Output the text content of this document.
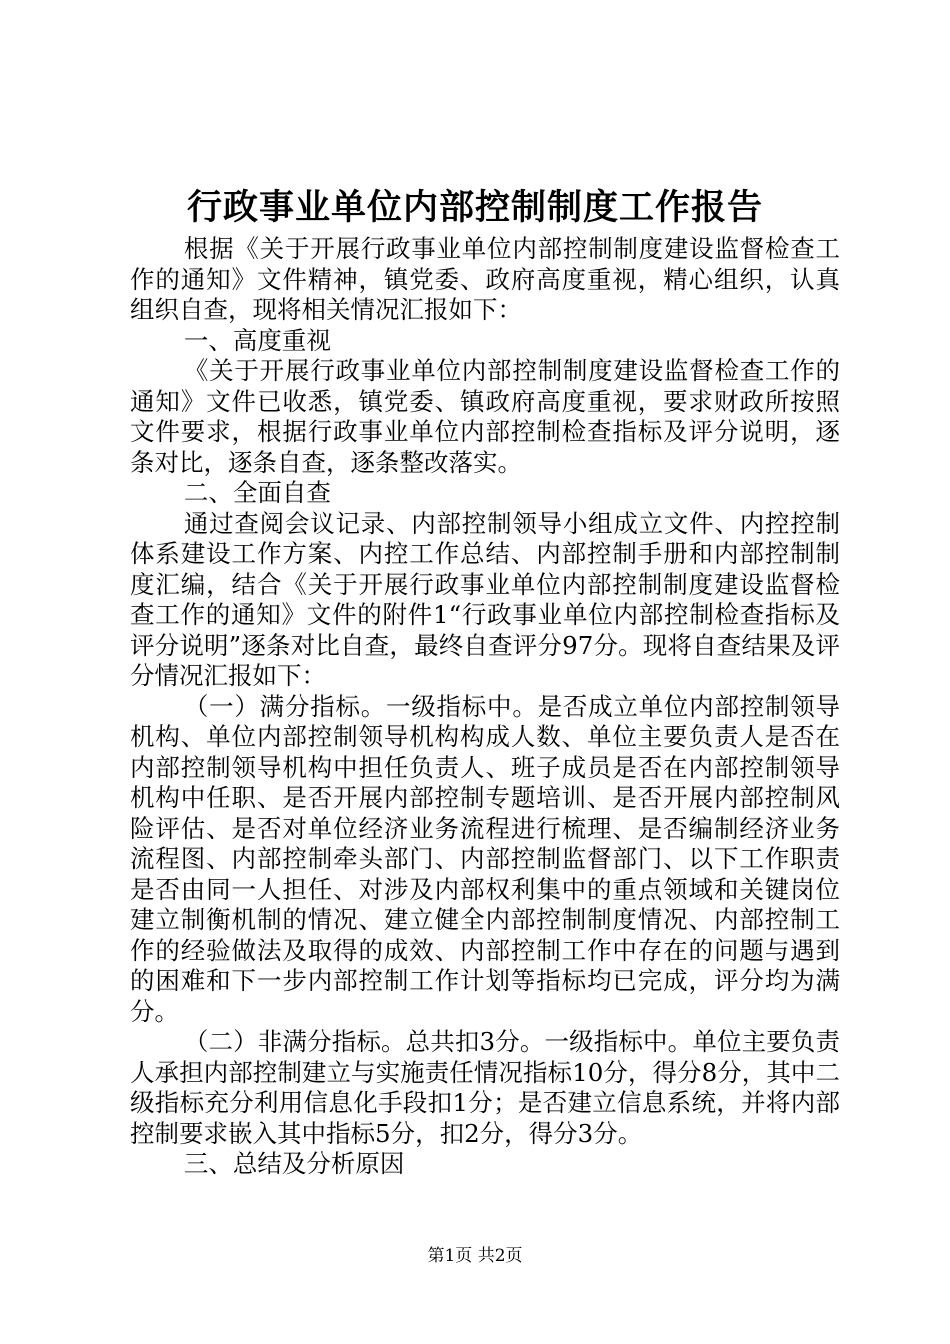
行政事业单位内部控制制度工作报告

根据《关于开展行政事业单位内部控制制度建设监督检查工作的通知》文件精神，镇党委、政府高度重视，精心组织，认真组织自查，现将相关情况汇报如下：

一、高度重视

《关于开展行政事业单位内部控制制度建设监督检查工作的通知》文件已收悉，镇党委、镇政府高度重视，要求财政所按照文件要求，根据行政事业单位内部控制检查指标及评分说明，逐条对比，逐条自查，逐条整改落实。

二、全面自查

通过查阅会议记录、内部控制领导小组成立文件、内控控制体系建设工作方案、内控工作总结、内部控制手册和内部控制制度汇编，结合《关于开展行政事业单位内部控制制度建设监督检查工作的通知》文件的附件1“行政事业单位内部控制检查指标及评分说明”逐条对比自查，最终自查评分97分。现将自查结果及评分情况汇报如下：

（一）满分指标。一级指标中。是否成立单位内部控制领导机构、单位内部控制领导机构构成人数、单位主要负责人是否在内部控制领导机构中担任负责人、班子成员是否在内部控制领导机构中任职、是否开展内部控制专题培训、是否开展内部控制风险评估、是否对单位经济业务流程进行梳理、是否编制经济业务流程图、内部控制牵头部门、内部控制监督部门、以下工作职责是否由同一人担任、对涉及内部权利集中的重点领域和关键岗位建立制衡机制的情况、建立健全内部控制制度情况、内部控制工作的经验做法及取得的成效、内部控制工作中存在的问题与遇到的困难和下一步内部控制工作计划等指标均已完成，评分均为满分。

（二）非满分指标。总共扣3分。一级指标中。单位主要负责人承担内部控制建立与实施责任情况指标10分，得分8分，其中二级指标充分利用信息化手段扣1分；是否建立信息系统，并将内部控制要求嵌入其中指标5分，扣2分，得分3分。

三、总结及分析原因

第1页 共2页
